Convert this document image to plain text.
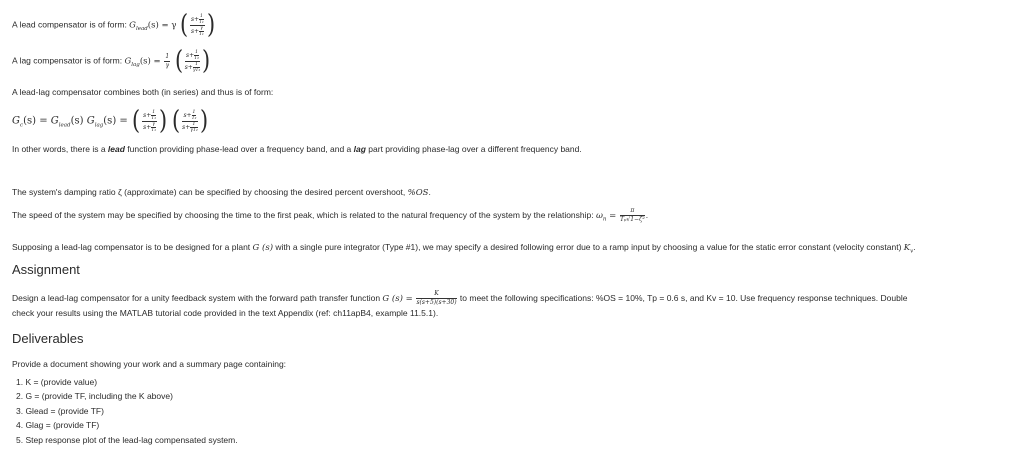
A lead compensator is of form: $G_{lead}(s) = \gamma$ ( $\frac{s+ \frac{1}{\text{T₁}}}{s+ \frac{\gamma}{\text{T₁}}}$ )
A lag compensator is of form: $G_{lag}(s) = \frac{1}{\gamma}$ ( $\frac{s+ \frac{1}{\text{T₂}}}{s+ \frac{1}{\text{γT₂}}}$ )
A lead-lag compensator combines both (in series) and thus is of form:
$G_c(s) = G_{lead}(s) G_{lag}(s)$ = ( $\frac{s+ \frac{1}{\text{T₁}}}{s+ \frac{\gamma}{\text{T₁}}}$ ) ( $\frac{s+ \frac{1}{\text{T₂}}}{s+ \frac{1}{\text{γT₂}}}$ )
In other words, there is a lead function providing phase-lead over a frequency band, and a lag part providing phase-lag over a different frequency band.
The system's damping ratio ζ (approximate) can be specified by choosing the desired percent overshoot, %OS.
The speed of the system may be specified by choosing the time to the first peak, which is related to the natural frequency of the system by the relationship: $\omega_n = \frac{\pi}{\text{Tₚ√1−ζ²}}$ .
Supposing a lead-lag compensator is to be designed for a plant G (s) with a single pure integrator (Type #1), we may specify a desired following error due to a ramp input by choosing a value for the static error constant (velocity constant) $K_v$.
Assignment
Design a lead-lag compensator for a unity feedback system with the forward path transfer function G $(s) = \frac{K}{s(s+5)(s+30)}$ to meet the following specifications: %OS = 10%, Tp = 0.6 s, and Kv = 10. Use frequency response techniques. Double
check your results using the MATLAB tutorial code provided in the text Appendix (ref: ch11apB4, example 11.5.1).
Deliverables
Provide a document showing your work and a summary page containing:
1. K = (provide value)
2. G = (provide TF, including the K above)
3. Glead = (provide TF)
4. Glag = (provide TF)
5. Step response plot of the lead-lag compensated system.
